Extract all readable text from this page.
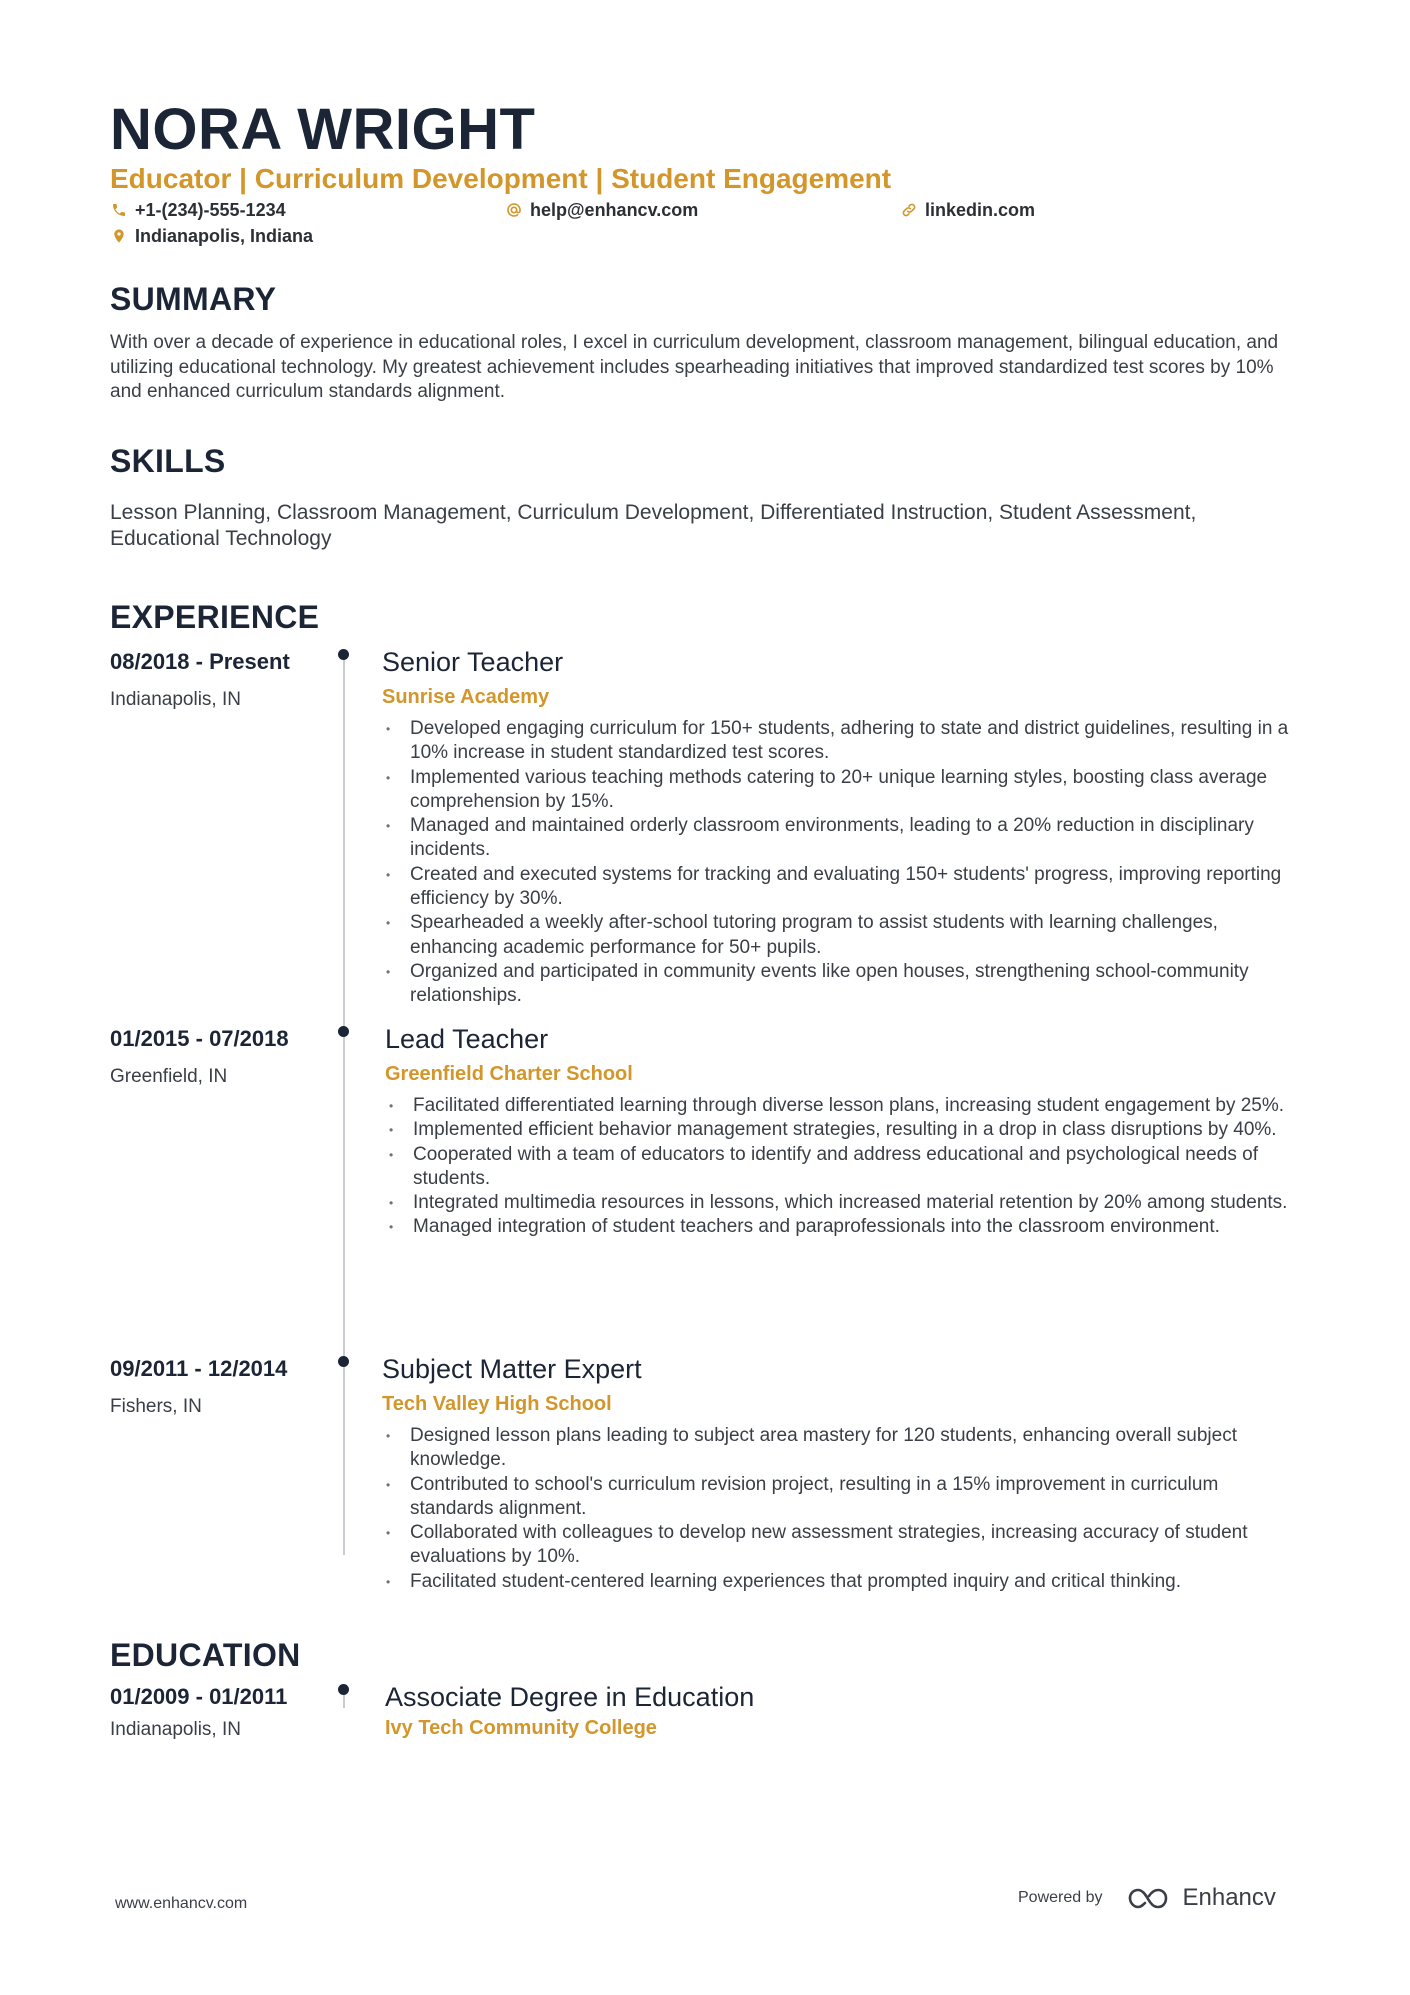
NORA WRIGHT
Educator | Curriculum Development | Student Engagement
+1-(234)-555-1234	help@enhancv.com	linkedin.com
Indianapolis, Indiana
SUMMARY
With over a decade of experience in educational roles, I excel in curriculum development, classroom management, bilingual education, and utilizing educational technology. My greatest achievement includes spearheading initiatives that improved standardized test scores by 10% and enhanced curriculum standards alignment.
SKILLS
Lesson Planning, Classroom Management, Curriculum Development, Differentiated Instruction, Student Assessment, Educational Technology
EXPERIENCE
08/2018 - Present
Indianapolis, IN
Senior Teacher
Sunrise Academy
• Developed engaging curriculum for 150+ students, adhering to state and district guidelines, resulting in a 10% increase in student standardized test scores.
• Implemented various teaching methods catering to 20+ unique learning styles, boosting class average comprehension by 15%.
• Managed and maintained orderly classroom environments, leading to a 20% reduction in disciplinary incidents.
• Created and executed systems for tracking and evaluating 150+ students' progress, improving reporting efficiency by 30%.
• Spearheaded a weekly after-school tutoring program to assist students with learning challenges, enhancing academic performance for 50+ pupils.
• Organized and participated in community events like open houses, strengthening school-community relationships.
01/2015 - 07/2018
Greenfield, IN
Lead Teacher
Greenfield Charter School
• Facilitated differentiated learning through diverse lesson plans, increasing student engagement by 25%.
• Implemented efficient behavior management strategies, resulting in a drop in class disruptions by 40%.
• Cooperated with a team of educators to identify and address educational and psychological needs of students.
• Integrated multimedia resources in lessons, which increased material retention by 20% among students.
• Managed integration of student teachers and paraprofessionals into the classroom environment.
09/2011 - 12/2014
Fishers, IN
Subject Matter Expert
Tech Valley High School
• Designed lesson plans leading to subject area mastery for 120 students, enhancing overall subject knowledge.
• Contributed to school's curriculum revision project, resulting in a 15% improvement in curriculum standards alignment.
• Collaborated with colleagues to develop new assessment strategies, increasing accuracy of student evaluations by 10%.
• Facilitated student-centered learning experiences that prompted inquiry and critical thinking.
EDUCATION
01/2009 - 01/2011
Indianapolis, IN
Associate Degree in Education
Ivy Tech Community College
www.enhancv.com	Powered by	Enhancv
